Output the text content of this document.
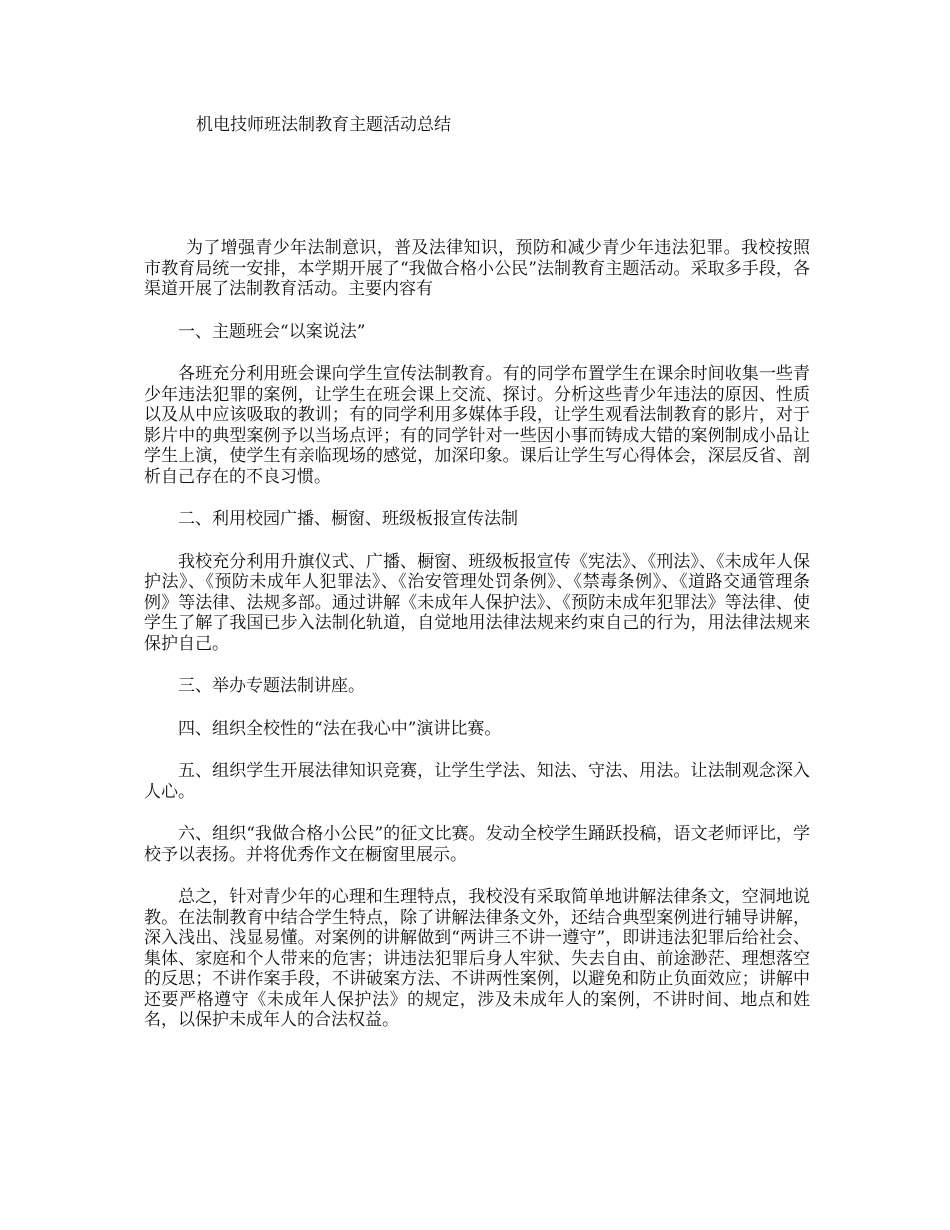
机电技师班法制教育主题活动总结

为了增强青少年法制意识，普及法律知识，预防和减少青少年违法犯罪。我校按照市教育局统一安排，本学期开展了“我做合格小公民”法制教育主题活动。采取多手段，各渠道开展了法制教育活动。主要内容有

一、主题班会“以案说法”

各班充分利用班会课向学生宣传法制教育。有的同学布置学生在课余时间收集一些青少年违法犯罪的案例，让学生在班会课上交流、探讨。分析这些青少年违法的原因、性质以及从中应该吸取的教训；有的同学利用多媒体手段，让学生观看法制教育的影片，对于影片中的典型案例予以当场点评；有的同学针对一些因小事而铸成大错的案例制成小品让学生上演，使学生有亲临现场的感觉，加深印象。课后让学生写心得体会，深层反省、剖析自己存在的不良习惯。

二、利用校园广播、橱窗、班级板报宣传法制

我校充分利用升旗仪式、广播、橱窗、班级板报宣传《宪法》、《刑法》、《未成年人保护法》、《预防未成年人犯罪法》、《治安管理处罚条例》、《禁毒条例》、《道路交通管理条例》等法律、法规多部。通过讲解《未成年人保护法》、《预防未成年犯罪法》等法律、使学生了解了我国已步入法制化轨道，自觉地用法律法规来约束自己的行为，用法律法规来保护自己。

三、举办专题法制讲座。

四、组织全校性的“法在我心中”演讲比赛。

五、组织学生开展法律知识竞赛，让学生学法、知法、守法、用法。让法制观念深入人心。

六、组织“我做合格小公民”的征文比赛。发动全校学生踊跃投稿，语文老师评比，学校予以表扬。并将优秀作文在橱窗里展示。

总之，针对青少年的心理和生理特点，我校没有采取简单地讲解法律条文，空洞地说教。在法制教育中结合学生特点，除了讲解法律条文外，还结合典型案例进行辅导讲解，深入浅出、浅显易懂。对案例的讲解做到“两讲三不讲一遵守”，即讲违法犯罪后给社会、集体、家庭和个人带来的危害；讲违法犯罪后身人牢狱、失去自由、前途渺茫、理想落空的反思；不讲作案手段，不讲破案方法、不讲两性案例，以避免和防止负面效应；讲解中还要严格遵守《未成年人保护法》的规定，涉及未成年人的案例，不讲时间、地点和姓名，以保护未成年人的合法权益。
